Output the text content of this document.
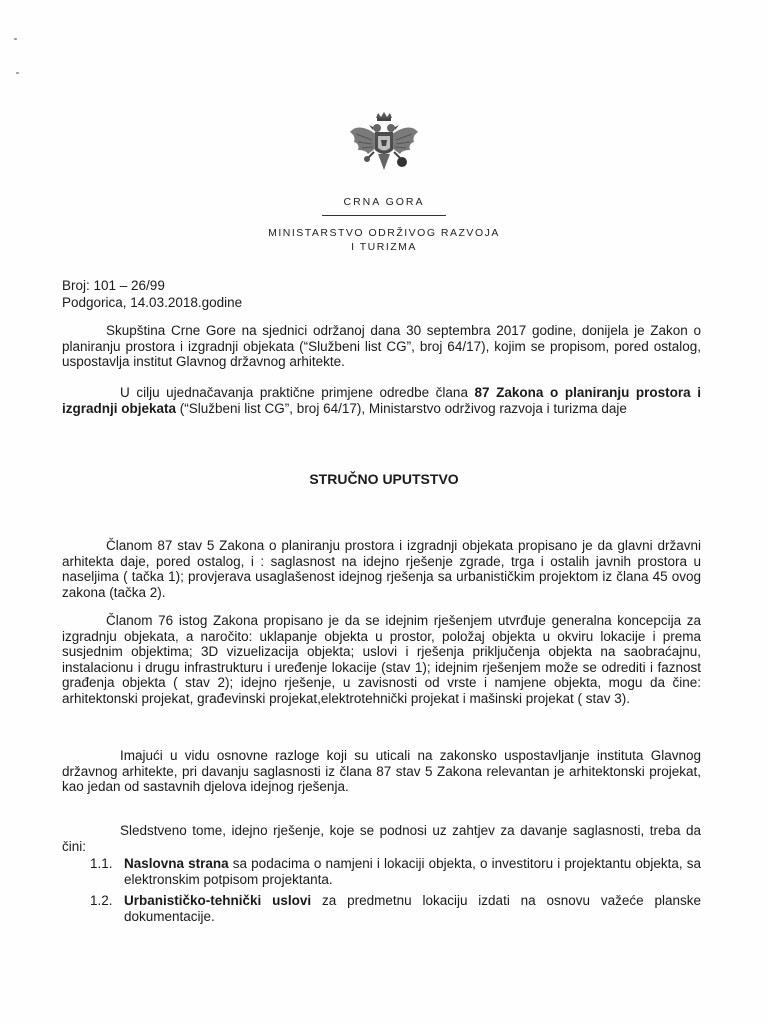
CRNA GORA
MINISTARSTVO ODRŽIVOG RAZVOJA
I TURIZMA
Broj: 101 – 26/99
Podgorica, 14.03.2018.godine
Skupština Crne Gore na sjednici održanoj dana 30 septembra 2017 godine, donijela je Zakon o planiranju prostora i izgradnji objekata (“Službeni list CG”, broj 64/17), kojim se propisom, pored ostalog, uspostavlja institut Glavnog državnog arhitekte.
U cilju ujednačavanja praktične primjene odredbe člana 87 Zakona o planiranju prostora i izgradnji objekata (“Službeni list CG”, broj 64/17), Ministarstvo održivog razvoja i turizma daje
STRUČNO UPUTSTVO
Članom 87 stav 5 Zakona o planiranju prostora i izgradnji objekata propisano je da glavni državni arhitekta daje, pored ostalog, i : saglasnost na idejno rješenje zgrade, trga i ostalih javnih prostora u naseljima ( tačka 1); provjerava usaglašenost idejnog rješenja sa urbanističkim projektom iz člana 45 ovog zakona (tačka 2).
Članom 76 istog Zakona propisano je da se idejnim rješenjem utvrđuje generalna koncepcija za izgradnju objekata, a naročito: uklapanje objekta u prostor, položaj objekta u okviru lokacije i prema susjednim objektima; 3D vizuelizacija objekta; uslovi i rješenja priključenja objekta na saobraćajnu, instalacionu i drugu infrastrukturu i uređenje lokacije (stav 1); idejnim rješenjem može se odrediti i faznost građenja objekta ( stav 2); idejno rješenje, u zavisnosti od vrste i namjene objekta, mogu da čine: arhitektonski projekat, građevinski projekat,elektrotehnički projekat i mašinski projekat ( stav 3).
Imajući u vidu osnovne razloge koji su uticali na zakonsko uspostavljanje instituta Glavnog državnog arhitekte, pri davanju saglasnosti iz člana 87 stav 5 Zakona relevantan je arhitektonski projekat, kao jedan od sastavnih djelova idejnog rješenja.
Sledstveno tome, idejno rješenje, koje se podnosi uz zahtjev za davanje saglasnosti, treba da čini:
1.1. Naslovna strana sa podacima o namjeni i lokaciji objekta, o investitoru i projektantu objekta, sa elektronskim potpisom projektanta.
1.2. Urbanističko-tehnički uslovi za predmetnu lokaciju izdati na osnovu važeće planske dokumentacije.
